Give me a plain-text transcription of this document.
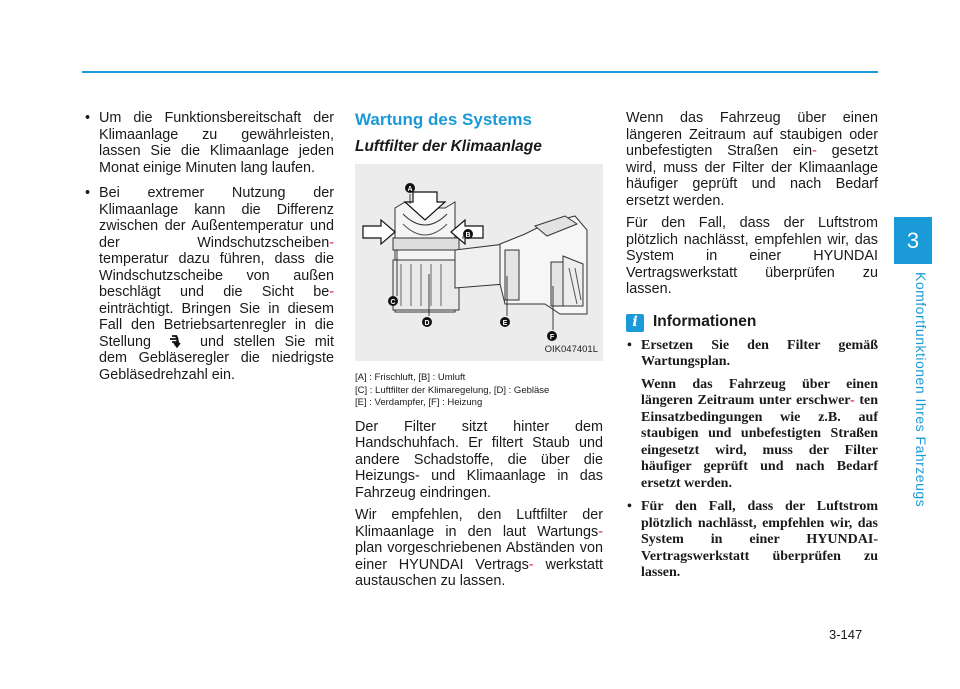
3
Komfortfunktionen Ihres Fahrzeugs
• Um die Funktionsbereitschaft der Klimaanlage zu gewährleisten, lassen Sie die Klimaanlage jeden Monat einige Minuten lang laufen.
• Bei extremer Nutzung der Klimaanlage kann die Differenz zwischen der Außentemperatur und der Windschutzscheiben- temperatur dazu führen, dass die Windschutzscheibe von außen beschlägt und die Sicht be- einträchtigt. Bringen Sie in diesem Fall den Betriebsartenregler in die Stellung  und stellen Sie mit dem Gebläseregler die niedrigste Gebläsedrehzahl ein.
Wartung des Systems
Luftfilter der Klimaanlage
A
B
C
D	E
F
OIK047401L
[A] : Frischluft, [B] : Umluft
[C] : Luftfilter der Klimaregelung, [D] : Gebläse
[E] : Verdampfer, [F] : Heizung

Der Filter sitzt hinter dem Handschuhfach. Er filtert Staub und andere Schadstoffe, die über die Heizungs- und Klimaanlage in das Fahrzeug eindringen.

Wir empfehlen, den Luftfilter der Klimaanlage in den laut Wartungs- plan vorgeschriebenen Abständen von einer HYUNDAI Vertrags- werkstatt austauschen zu lassen.

Wenn das Fahrzeug über einen längeren Zeitraum auf staubigen oder unbefestigten Straßen ein- gesetzt wird, muss der Filter der Klimaanlage häufiger geprüft und nach Bedarf ersetzt werden.

Für den Fall, dass der Luftstrom plötzlich nachlässt, empfehlen wir, das System in einer HYUNDAI Vertragswerkstatt überprüfen zu lassen.

i Informationen
• Ersetzen Sie den Filter gemäß Wartungsplan.

Wenn das Fahrzeug über einen längeren Zeitraum unter erschwer- ten Einsatzbedingungen wie z.B. auf staubigen und unbefestigten Straßen eingesetzt wird, muss der Filter häufiger geprüft und nach Bedarf ersetzt werden.

• Für den Fall, dass der Luftstrom plötzlich nachlässt, empfehlen wir, das System in einer HYUNDAI-Vertragswerkstatt überprüfen zu lassen.

3-147
